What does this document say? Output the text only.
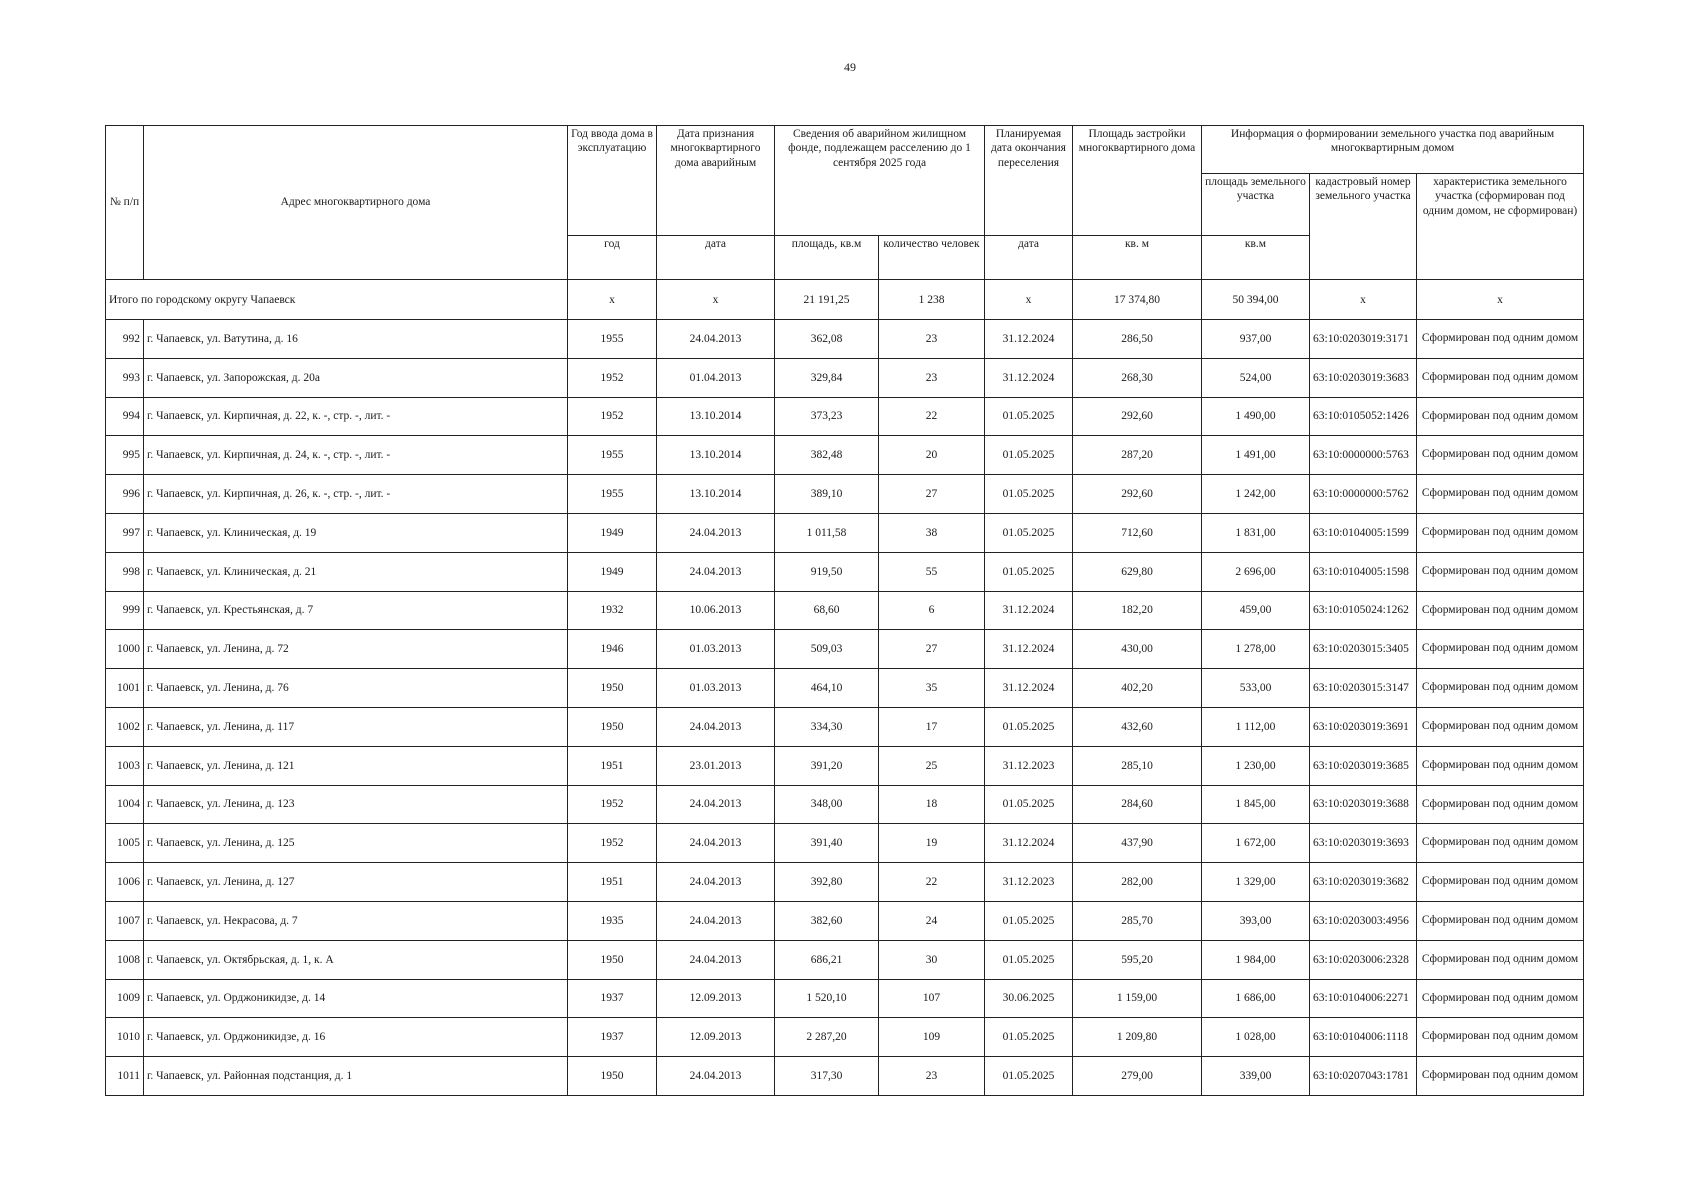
49
№ п/п	Адрес многоквартирного дома	Год ввода дома в эксплуатацию	Дата признания многоквартирного дома аварийным	Сведения об аварийном жилищном фонде, подлежащем расселению до 1 сентября 2025 года		Планируемая дата окончания переселения	Площадь застройки многоквартирного дома	Информация о формировании земельного участка под аварийным многоквартирным домом		
								площадь земельного участка	кадастровый номер земельного участка	характеристика земельного участка (сформирован под одним домом, не сформирован)
		год	дата	площадь, кв.м	количество человек	дата	кв. м	кв.м		
Итого по городскому округу Чапаевск		x	x	21 191,25	1 238	x	17 374,80	50 394,00	x	x
992	г. Чапаевск, ул. Ватутина, д. 16	1955	24.04.2013	362,08	23	31.12.2024	286,50	937,00	63:10:0203019:3171	Сформирован под одним домом
993	г. Чапаевск, ул. Запорожская, д. 20а	1952	01.04.2013	329,84	23	31.12.2024	268,30	524,00	63:10:0203019:3683	Сформирован под одним домом
994	г. Чапаевск, ул. Кирпичная, д. 22, к. -, стр. -, лит. -	1952	13.10.2014	373,23	22	01.05.2025	292,60	1 490,00	63:10:0105052:1426	Сформирован под одним домом
995	г. Чапаевск, ул. Кирпичная, д. 24, к. -, стр. -, лит. -	1955	13.10.2014	382,48	20	01.05.2025	287,20	1 491,00	63:10:0000000:5763	Сформирован под одним домом
996	г. Чапаевск, ул. Кирпичная, д. 26, к. -, стр. -, лит. -	1955	13.10.2014	389,10	27	01.05.2025	292,60	1 242,00	63:10:0000000:5762	Сформирован под одним домом
997	г. Чапаевск, ул. Клиническая, д. 19	1949	24.04.2013	1 011,58	38	01.05.2025	712,60	1 831,00	63:10:0104005:1599	Сформирован под одним домом
998	г. Чапаевск, ул. Клиническая, д. 21	1949	24.04.2013	919,50	55	01.05.2025	629,80	2 696,00	63:10:0104005:1598	Сформирован под одним домом
999	г. Чапаевск, ул. Крестьянская, д. 7	1932	10.06.2013	68,60	6	31.12.2024	182,20	459,00	63:10:0105024:1262	Сформирован под одним домом
1000	г. Чапаевск, ул. Ленина, д. 72	1946	01.03.2013	509,03	27	31.12.2024	430,00	1 278,00	63:10:0203015:3405	Сформирован под одним домом
1001	г. Чапаевск, ул. Ленина, д. 76	1950	01.03.2013	464,10	35	31.12.2024	402,20	533,00	63:10:0203015:3147	Сформирован под одним домом
1002	г. Чапаевск, ул. Ленина, д. 117	1950	24.04.2013	334,30	17	01.05.2025	432,60	1 112,00	63:10:0203019:3691	Сформирован под одним домом
1003	г. Чапаевск, ул. Ленина, д. 121	1951	23.01.2013	391,20	25	31.12.2023	285,10	1 230,00	63:10:0203019:3685	Сформирован под одним домом
1004	г. Чапаевск, ул. Ленина, д. 123	1952	24.04.2013	348,00	18	01.05.2025	284,60	1 845,00	63:10:0203019:3688	Сформирован под одним домом
1005	г. Чапаевск, ул. Ленина, д. 125	1952	24.04.2013	391,40	19	31.12.2024	437,90	1 672,00	63:10:0203019:3693	Сформирован под одним домом
1006	г. Чапаевск, ул. Ленина, д. 127	1951	24.04.2013	392,80	22	31.12.2023	282,00	1 329,00	63:10:0203019:3682	Сформирован под одним домом
1007	г. Чапаевск, ул. Некрасова, д. 7	1935	24.04.2013	382,60	24	01.05.2025	285,70	393,00	63:10:0203003:4956	Сформирован под одним домом
1008	г. Чапаевск, ул. Октябрьская, д. 1, к. А	1950	24.04.2013	686,21	30	01.05.2025	595,20	1 984,00	63:10:0203006:2328	Сформирован под одним домом
1009	г. Чапаевск, ул. Орджоникидзе, д. 14	1937	12.09.2013	1 520,10	107	30.06.2025	1 159,00	1 686,00	63:10:0104006:2271	Сформирован под одним домом
1010	г. Чапаевск, ул. Орджоникидзе, д. 16	1937	12.09.2013	2 287,20	109	01.05.2025	1 209,80	1 028,00	63:10:0104006:1118	Сформирован под одним домом
1011	г. Чапаевск, ул. Районная подстанция, д. 1	1950	24.04.2013	317,30	23	01.05.2025	279,00	339,00	63:10:0207043:1781	Сформирован под одним домом
